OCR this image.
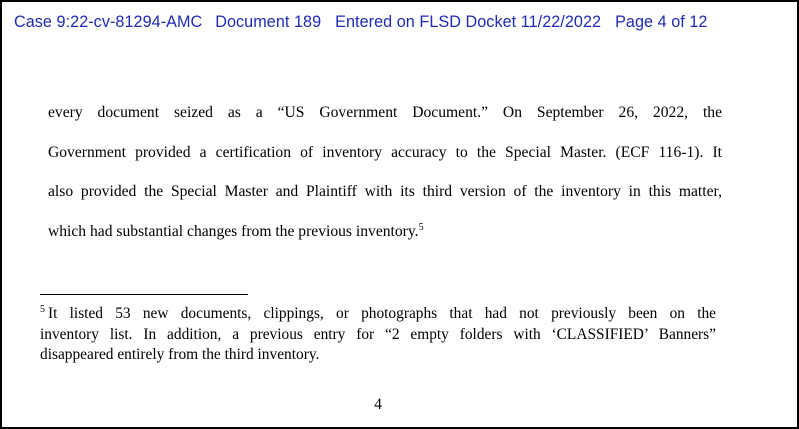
Case 9:22-cv-81294-AMC Document 189 Entered on FLSD Docket 11/22/2022 Page 4 of 12
every document seized as a “US Government Document.” On September 26, 2022, the
Government provided a certification of inventory accuracy to the Special Master. (ECF 116-1). It
also provided the Special Master and Plaintiff with its third version of the inventory in this matter,
which had substantial changes from the previous inventory.$^5$
$^5$ It listed 53 new documents, clippings, or photographs that had not previously been on the
inventory list. In addition, a previous entry for “2 empty folders with ‘CLASSIFIED’ Banners”
disappeared entirely from the third inventory.
4
